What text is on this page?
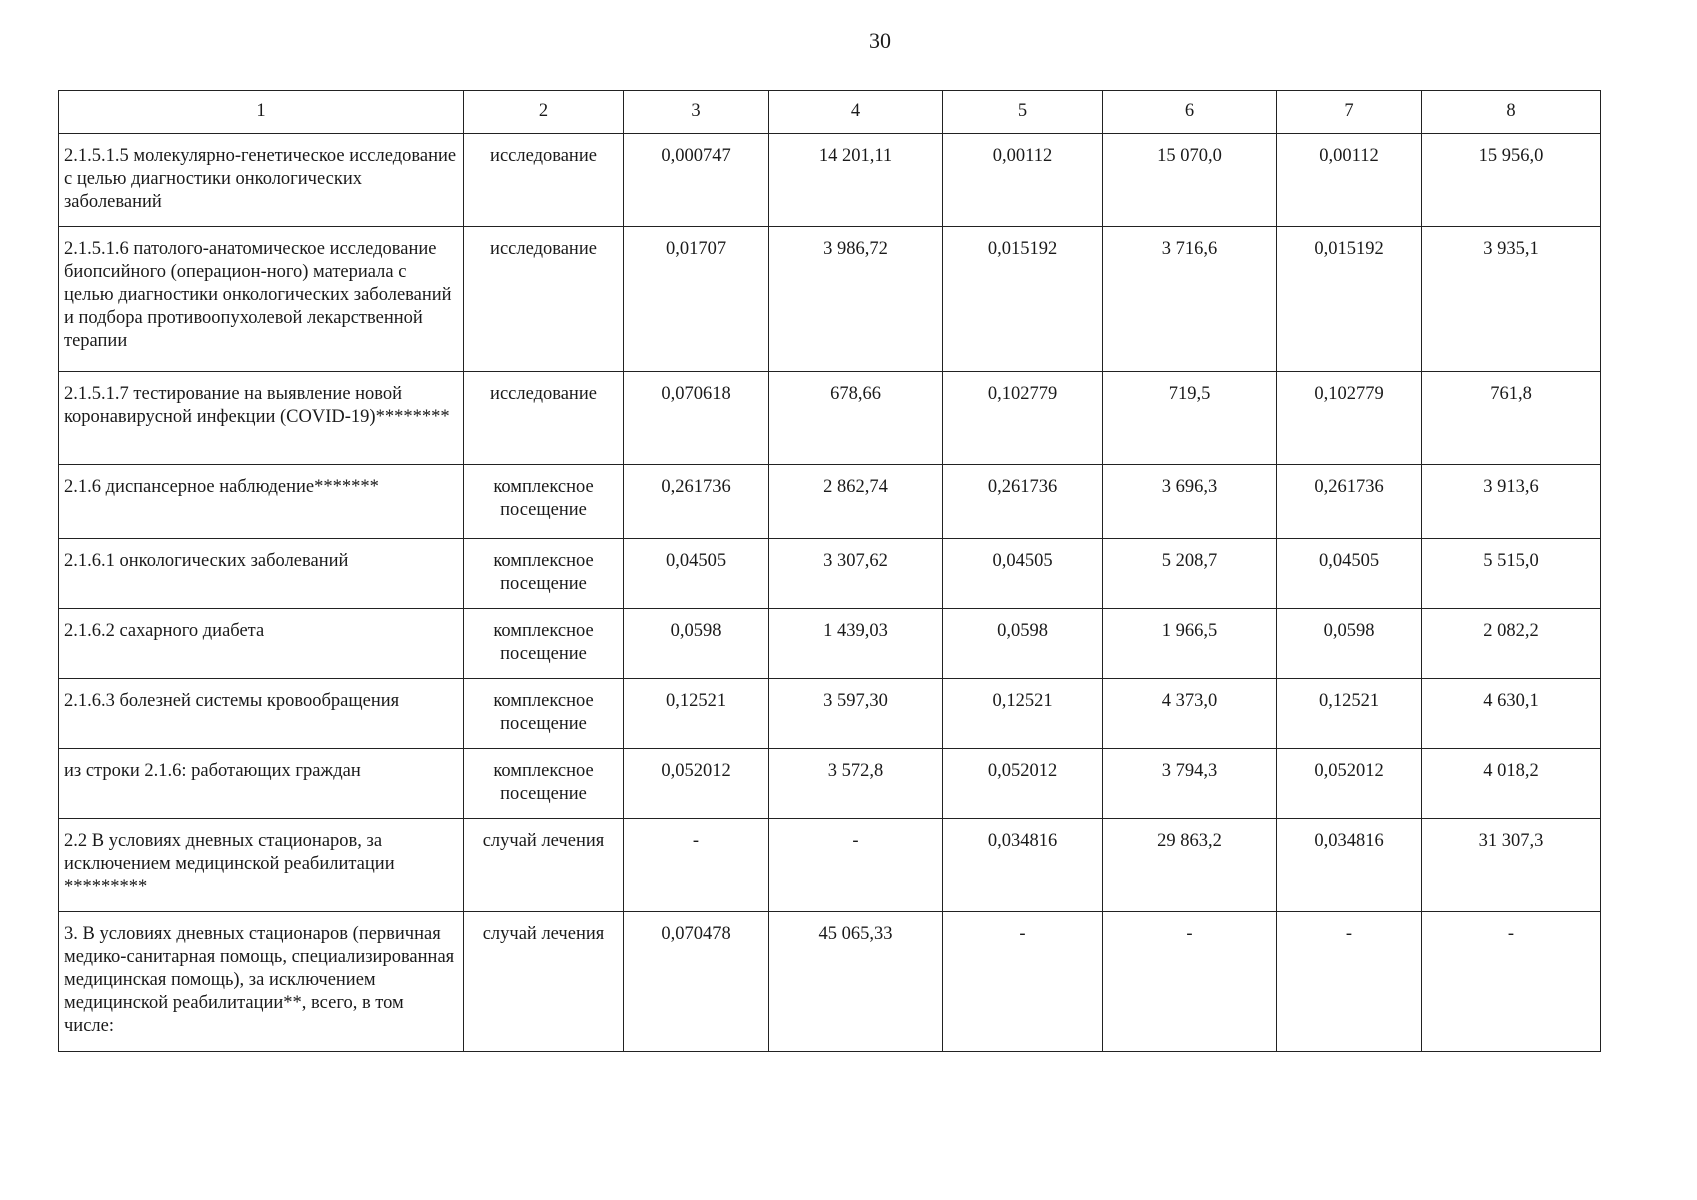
30
1	2	3	4	5	6	7	8
2.1.5.1.5 молекулярно-генетическое исследование с целью диагностики онкологических заболеваний	исследование	0,000747	14 201,11	0,00112	15 070,0	0,00112	15 956,0
2.1.5.1.6 патолого-анатомическое исследование биопсийного (операцион-ного) материала с целью диагностики онкологических заболеваний и подбора противоопухолевой лекарственной терапии	исследование	0,01707	3 986,72	0,015192	3 716,6	0,015192	3 935,1
2.1.5.1.7 тестирование на выявление новой коронавирусной инфекции (COVID-19)********	исследование	0,070618	678,66	0,102779	719,5	0,102779	761,8
2.1.6 диспансерное наблюдение*******	комплексное посещение	0,261736	2 862,74	0,261736	3 696,3	0,261736	3 913,6
2.1.6.1 онкологических заболеваний	комплексное посещение	0,04505	3 307,62	0,04505	5 208,7	0,04505	5 515,0
2.1.6.2 сахарного диабета	комплексное посещение	0,0598	1 439,03	0,0598	1 966,5	0,0598	2 082,2
2.1.6.3 болезней системы кровообращения	комплексное посещение	0,12521	3 597,30	0,12521	4 373,0	0,12521	4 630,1
из строки 2.1.6: работающих граждан	комплексное посещение	0,052012	3 572,8	0,052012	3 794,3	0,052012	4 018,2
2.2 В условиях дневных стационаров, за исключением медицинской реабилитации *********	случай лечения	-	-	0,034816	29 863,2	0,034816	31 307,3
3. В условиях дневных стационаров (первичная медико-санитарная помощь, специализированная медицинская помощь), за исключением медицинской реабилитации**, всего, в том числе:	случай лечения	0,070478	45 065,33	-	-	-	-
